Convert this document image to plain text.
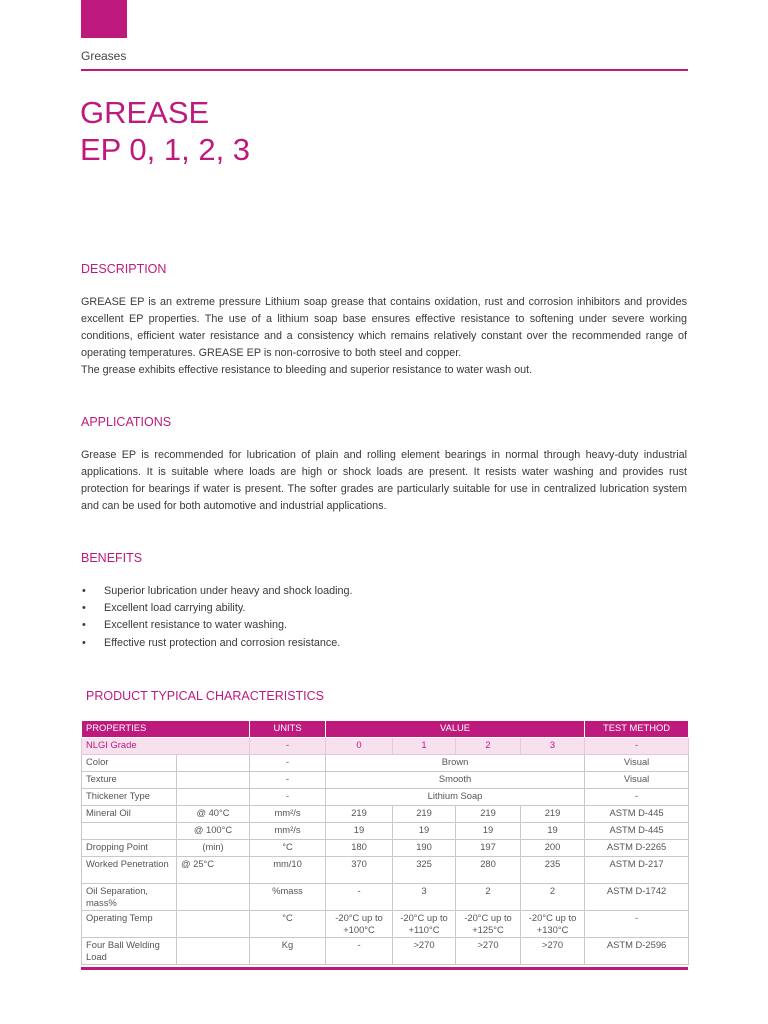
Greases
GREASE
EP 0, 1, 2, 3
DESCRIPTION

GREASE EP is an extreme pressure Lithium soap grease that contains oxidation, rust and corrosion inhibitors and provides excellent EP properties. The use of a lithium soap base ensures effective resistance to softening under severe working conditions, efficient water resistance and a consistency which remains relatively constant over the recommended range of operating temperatures. GREASE EP is non-corrosive to both steel and copper.

The grease exhibits effective resistance to bleeding and superior resistance to water wash out.

APPLICATIONS

Grease EP is recommended for lubrication of plain and rolling element bearings in normal through heavy-duty industrial applications. It is suitable where loads are high or shock loads are present. It resists water washing and provides rust protection for bearings if water is present. The softer grades are particularly suitable for use in centralized lubrication system and can be used for both automotive and industrial applications.

BENEFITS
• Superior lubrication under heavy and shock loading.
• Excellent load carrying ability.
• Excellent resistance to water washing.
• Effective rust protection and corrosion resistance.
PRODUCT TYPICAL CHARACTERISTICS
PROPERTIES		UNITS	VALUE				TEST METHOD
NLGI Grade		-	0	1	2	3	-
Color		-	Brown				Visual
Texture		-	Smooth				Visual
Thickener Type		-	Lithium Soap				-
Mineral Oil	@ 40°C	mm²/s	219	219	219	219	ASTM D-445
	@ 100°C	mm²/s	19	19	19	19	ASTM D-445
Dropping Point	(min)	°C	180	190	197	200	ASTM D-2265
Worked Penetration	@ 25°C	mm/10	370	325	280	235	ASTM D-217
Oil Separation, mass%		%mass	-	3	2	2	ASTM D-1742
Operating Temp		°C	-20°C up to +100°C	-20°C up to +110°C	-20°C up to +125°C	-20°C up to +130°C	-
Four Ball Welding Load		Kg	-	>270	>270	>270	ASTM D-2596
